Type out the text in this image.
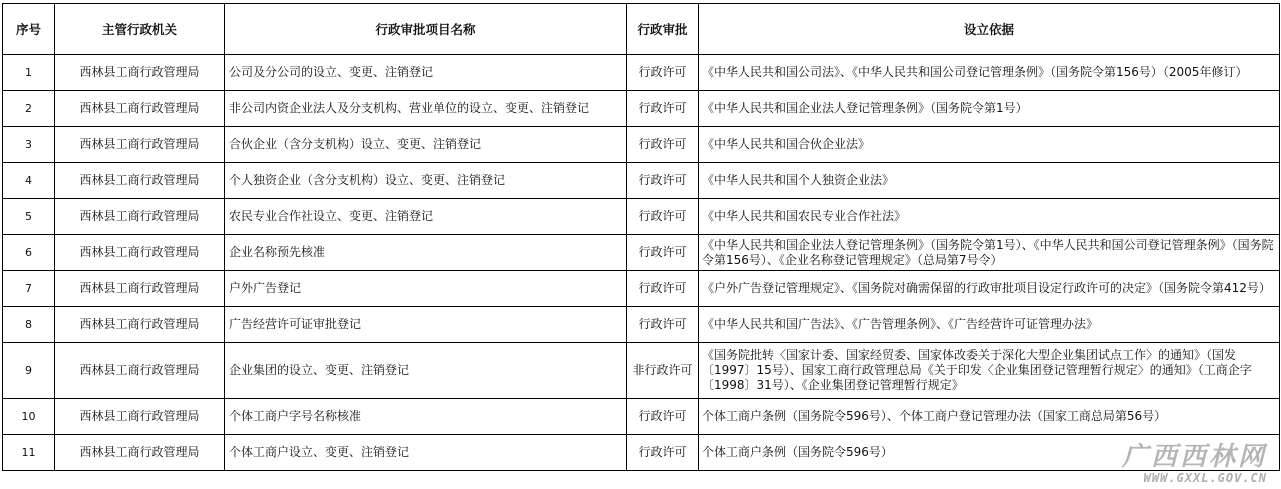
序号	主管行政机关	行政审批项目名称	行政审批	设立依据
1	西林县工商行政管理局	公司及分公司的设立、变更、注销登记	行政许可	《中华人民共和国公司法》、《中华人民共和国公司登记管理条例》（国务院令第156号）（2005年修订）
2	西林县工商行政管理局	非公司内资企业法人及分支机构、营业单位的设立、变更、注销登记	行政许可	《中华人民共和国企业法人登记管理条例》（国务院令第1号）
3	西林县工商行政管理局	合伙企业（含分支机构）设立、变更、注销登记	行政许可	《中华人民共和国合伙企业法》
4	西林县工商行政管理局	个人独资企业（含分支机构）设立、变更、注销登记	行政许可	《中华人民共和国个人独资企业法》
5	西林县工商行政管理局	农民专业合作社设立、变更、注销登记	行政许可	《中华人民共和国农民专业合作社法》
6	西林县工商行政管理局	企业名称预先核准	行政许可	《中华人民共和国企业法人登记管理条例》（国务院令第1号）、《中华人民共和国公司登记管理条例》（国务院令第156号）、《企业名称登记管理规定》（总局第7号令）
7	西林县工商行政管理局	户外广告登记	行政许可	《户外广告登记管理规定》、《国务院对确需保留的行政审批项目设定行政许可的决定》（国务院令第412号）
8	西林县工商行政管理局	广告经营许可证审批登记	行政许可	《中华人民共和国广告法》、《广告管理条例》、《广告经营许可证管理办法》
9	西林县工商行政管理局	企业集团的设立、变更、注销登记	非行政许可	《国务院批转〈国家计委、国家经贸委、国家体改委关于深化大型企业集团试点工作〉的通知》（国发〔1997〕15号）、国家工商行政管理总局《关于印发〈企业集团登记管理暂行规定〉的通知》（工商企字〔1998〕31号）、《企业集团登记管理暂行规定》
10	西林县工商行政管理局	个体工商户字号名称核准	行政许可	个体工商户条例（国务院令596号）、个体工商户登记管理办法（国家工商总局第56号）
11	西林县工商行政管理局	个体工商户设立、变更、注销登记	行政许可	个体工商户条例（国务院令596号）	广西西林网
WWW.GXXL.GOV.CN
